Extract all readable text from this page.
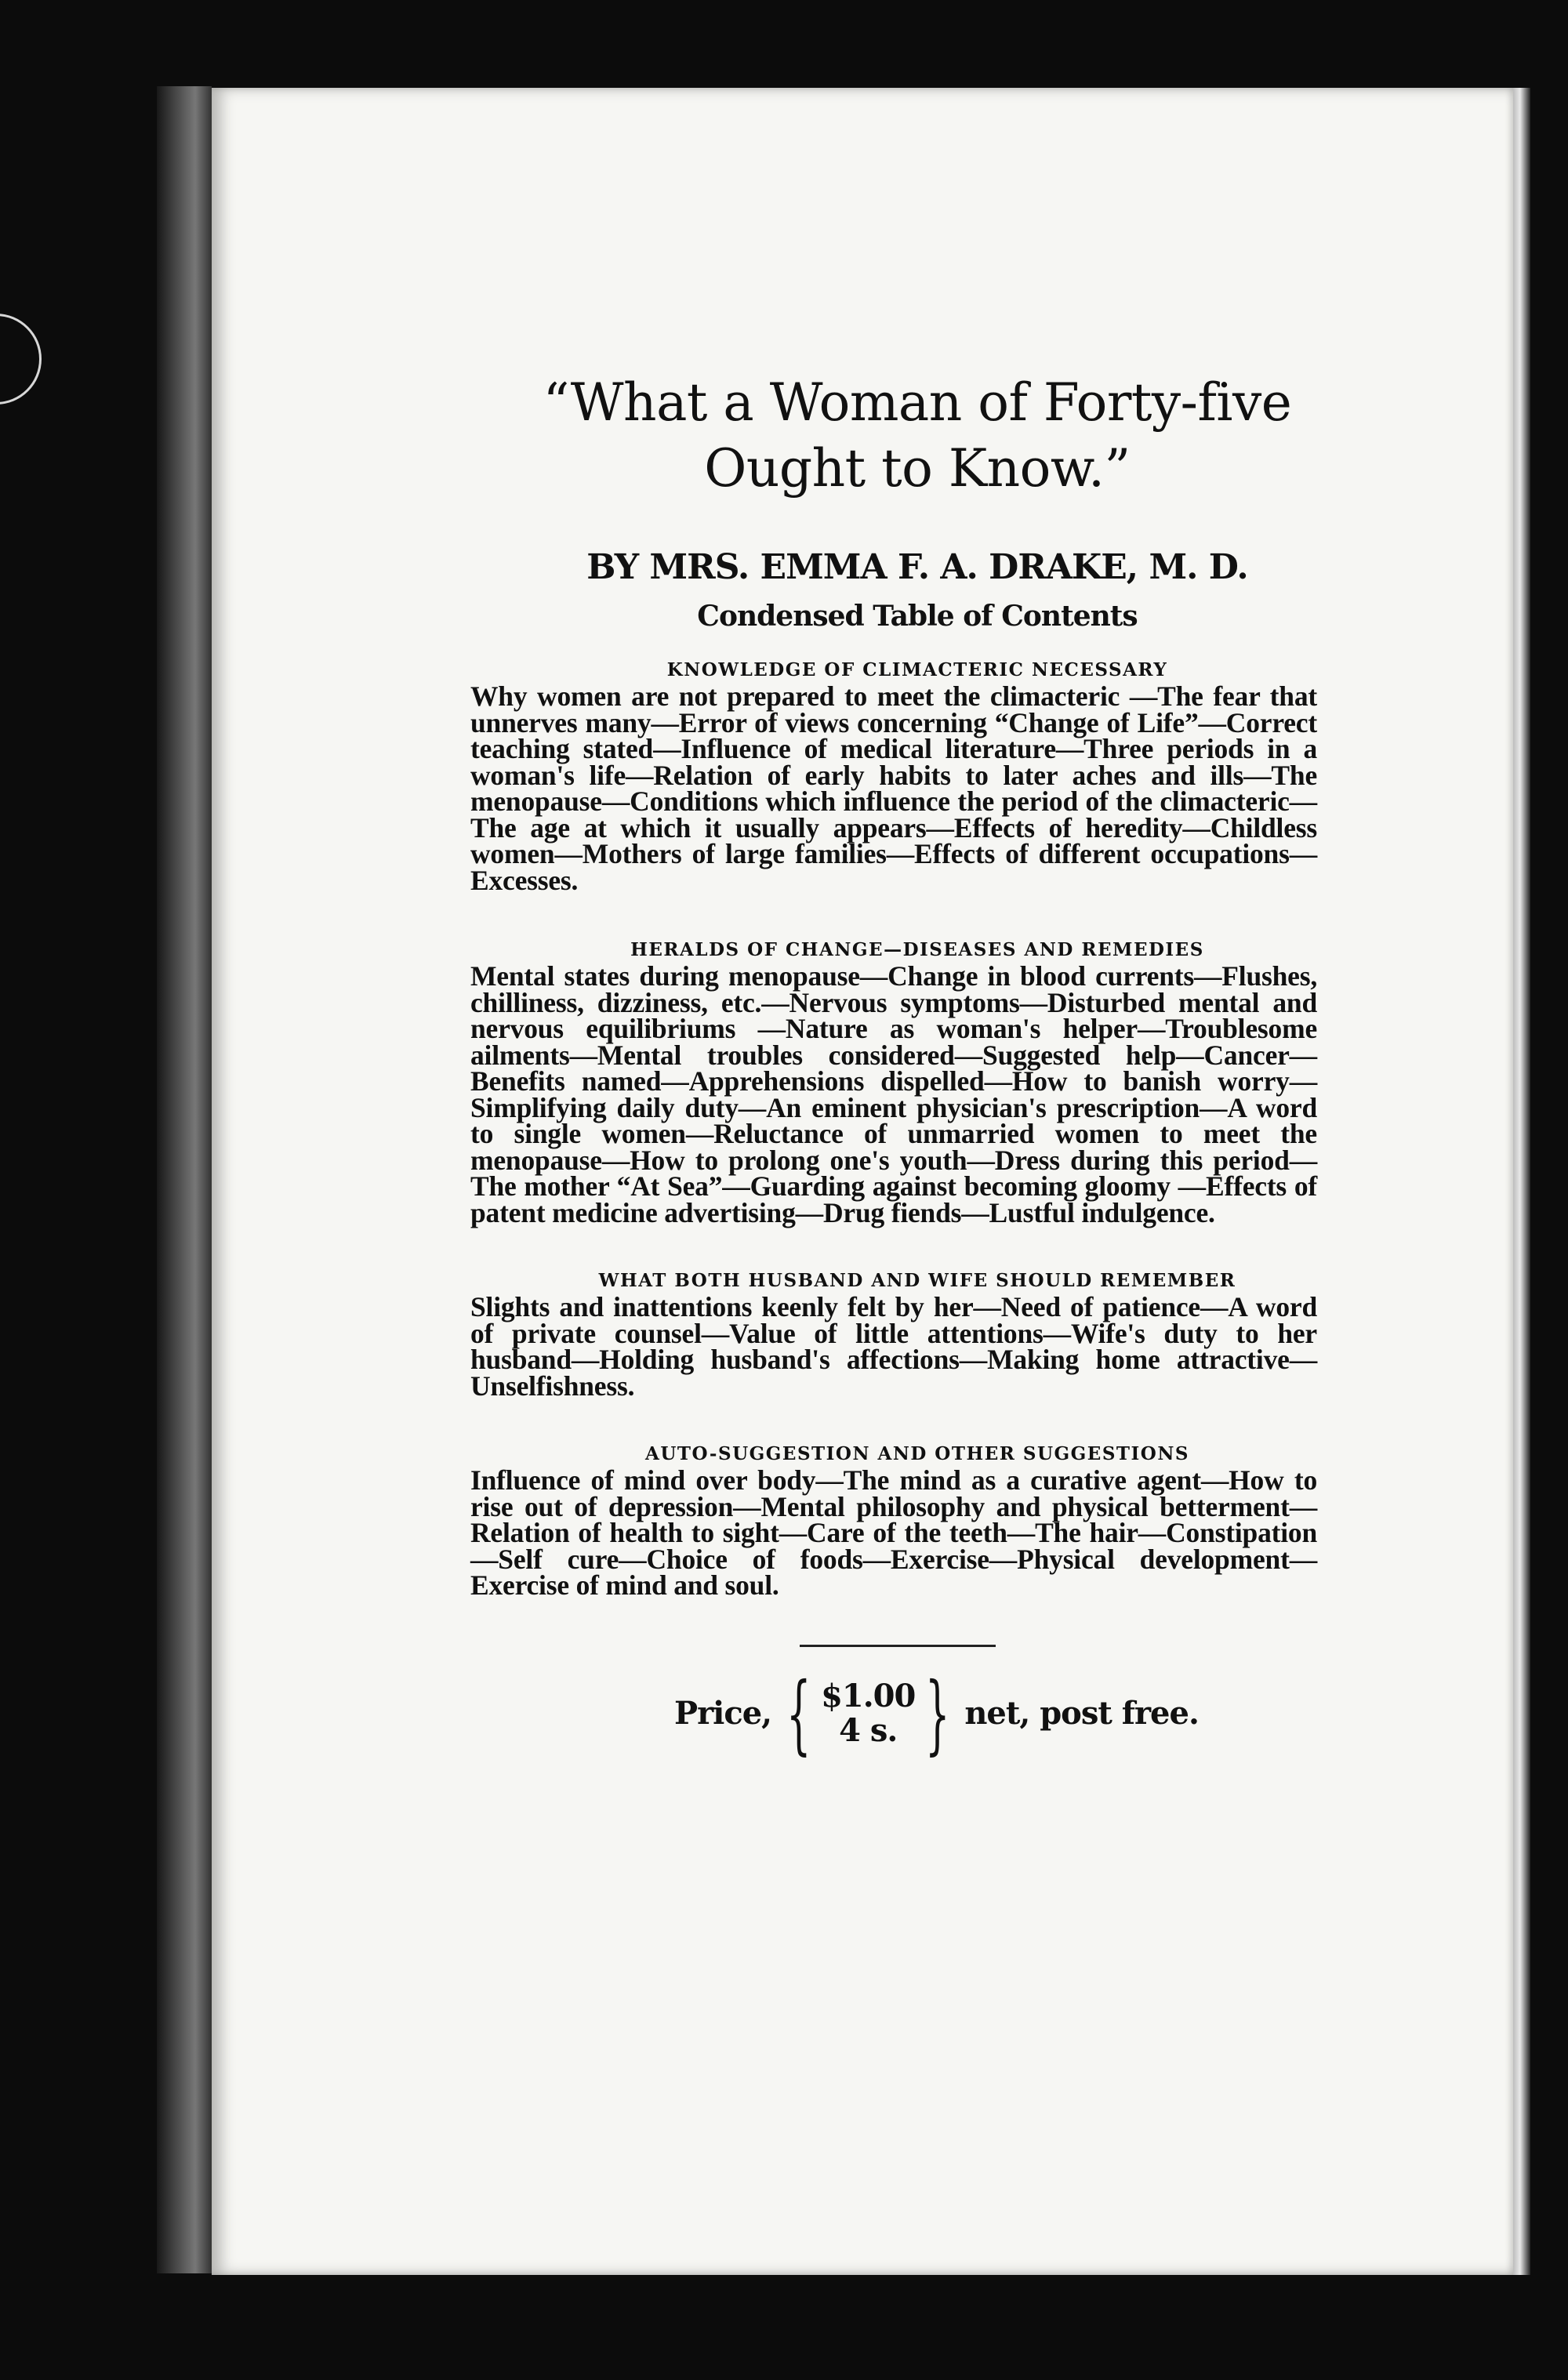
“What a Woman of Forty-five
Ought to Know.”
BY MRS. EMMA F. A. DRAKE, M. D.
Condensed Table of Contents
KNOWLEDGE OF CLIMACTERIC NECESSARY
Why women are not prepared to meet the climacteric —The fear that unnerves many—Error of views concerning “Change of Life”—Correct teaching stated—Influence of medical literature—Three periods in a woman's life—Relation of early habits to later aches and ills—The menopause—Conditions which influence the period of the climacteric—The age at which it usually appears—Effects of heredity—Childless women—Mothers of large families—Effects of different occupations—Excesses.
HERALDS OF CHANGE—DISEASES AND REMEDIES
Mental states during menopause—Change in blood currents—Flushes, chilliness, dizziness, etc.—Nervous symptoms—Disturbed mental and nervous equilibriums —Nature as woman's helper—Troublesome ailments—Mental troubles considered—Suggested help—Cancer—Benefits named—Apprehensions dispelled—How to banish worry—Simplifying daily duty—An eminent physician's prescription—A word to single women—Reluctance of unmarried women to meet the menopause—How to prolong one's youth—Dress during this period—The mother “At Sea”—Guarding against becoming gloomy —Effects of patent medicine advertising—Drug fiends—Lustful indulgence.
WHAT BOTH HUSBAND AND WIFE SHOULD REMEMBER
Slights and inattentions keenly felt by her—Need of patience—A word of private counsel—Value of little attentions—Wife's duty to her husband—Holding husband's affections—Making home attractive—Unselfishness.
AUTO-SUGGESTION AND OTHER SUGGESTIONS
Influence of mind over body—The mind as a curative agent—How to rise out of depression—Mental philosophy and physical betterment—Relation of health to sight—Care of the teeth—The hair—Constipation—Self cure—Choice of foods—Exercise—Physical development—Exercise of mind and soul.
Price, { $1.00
4 s. } net, post free.
